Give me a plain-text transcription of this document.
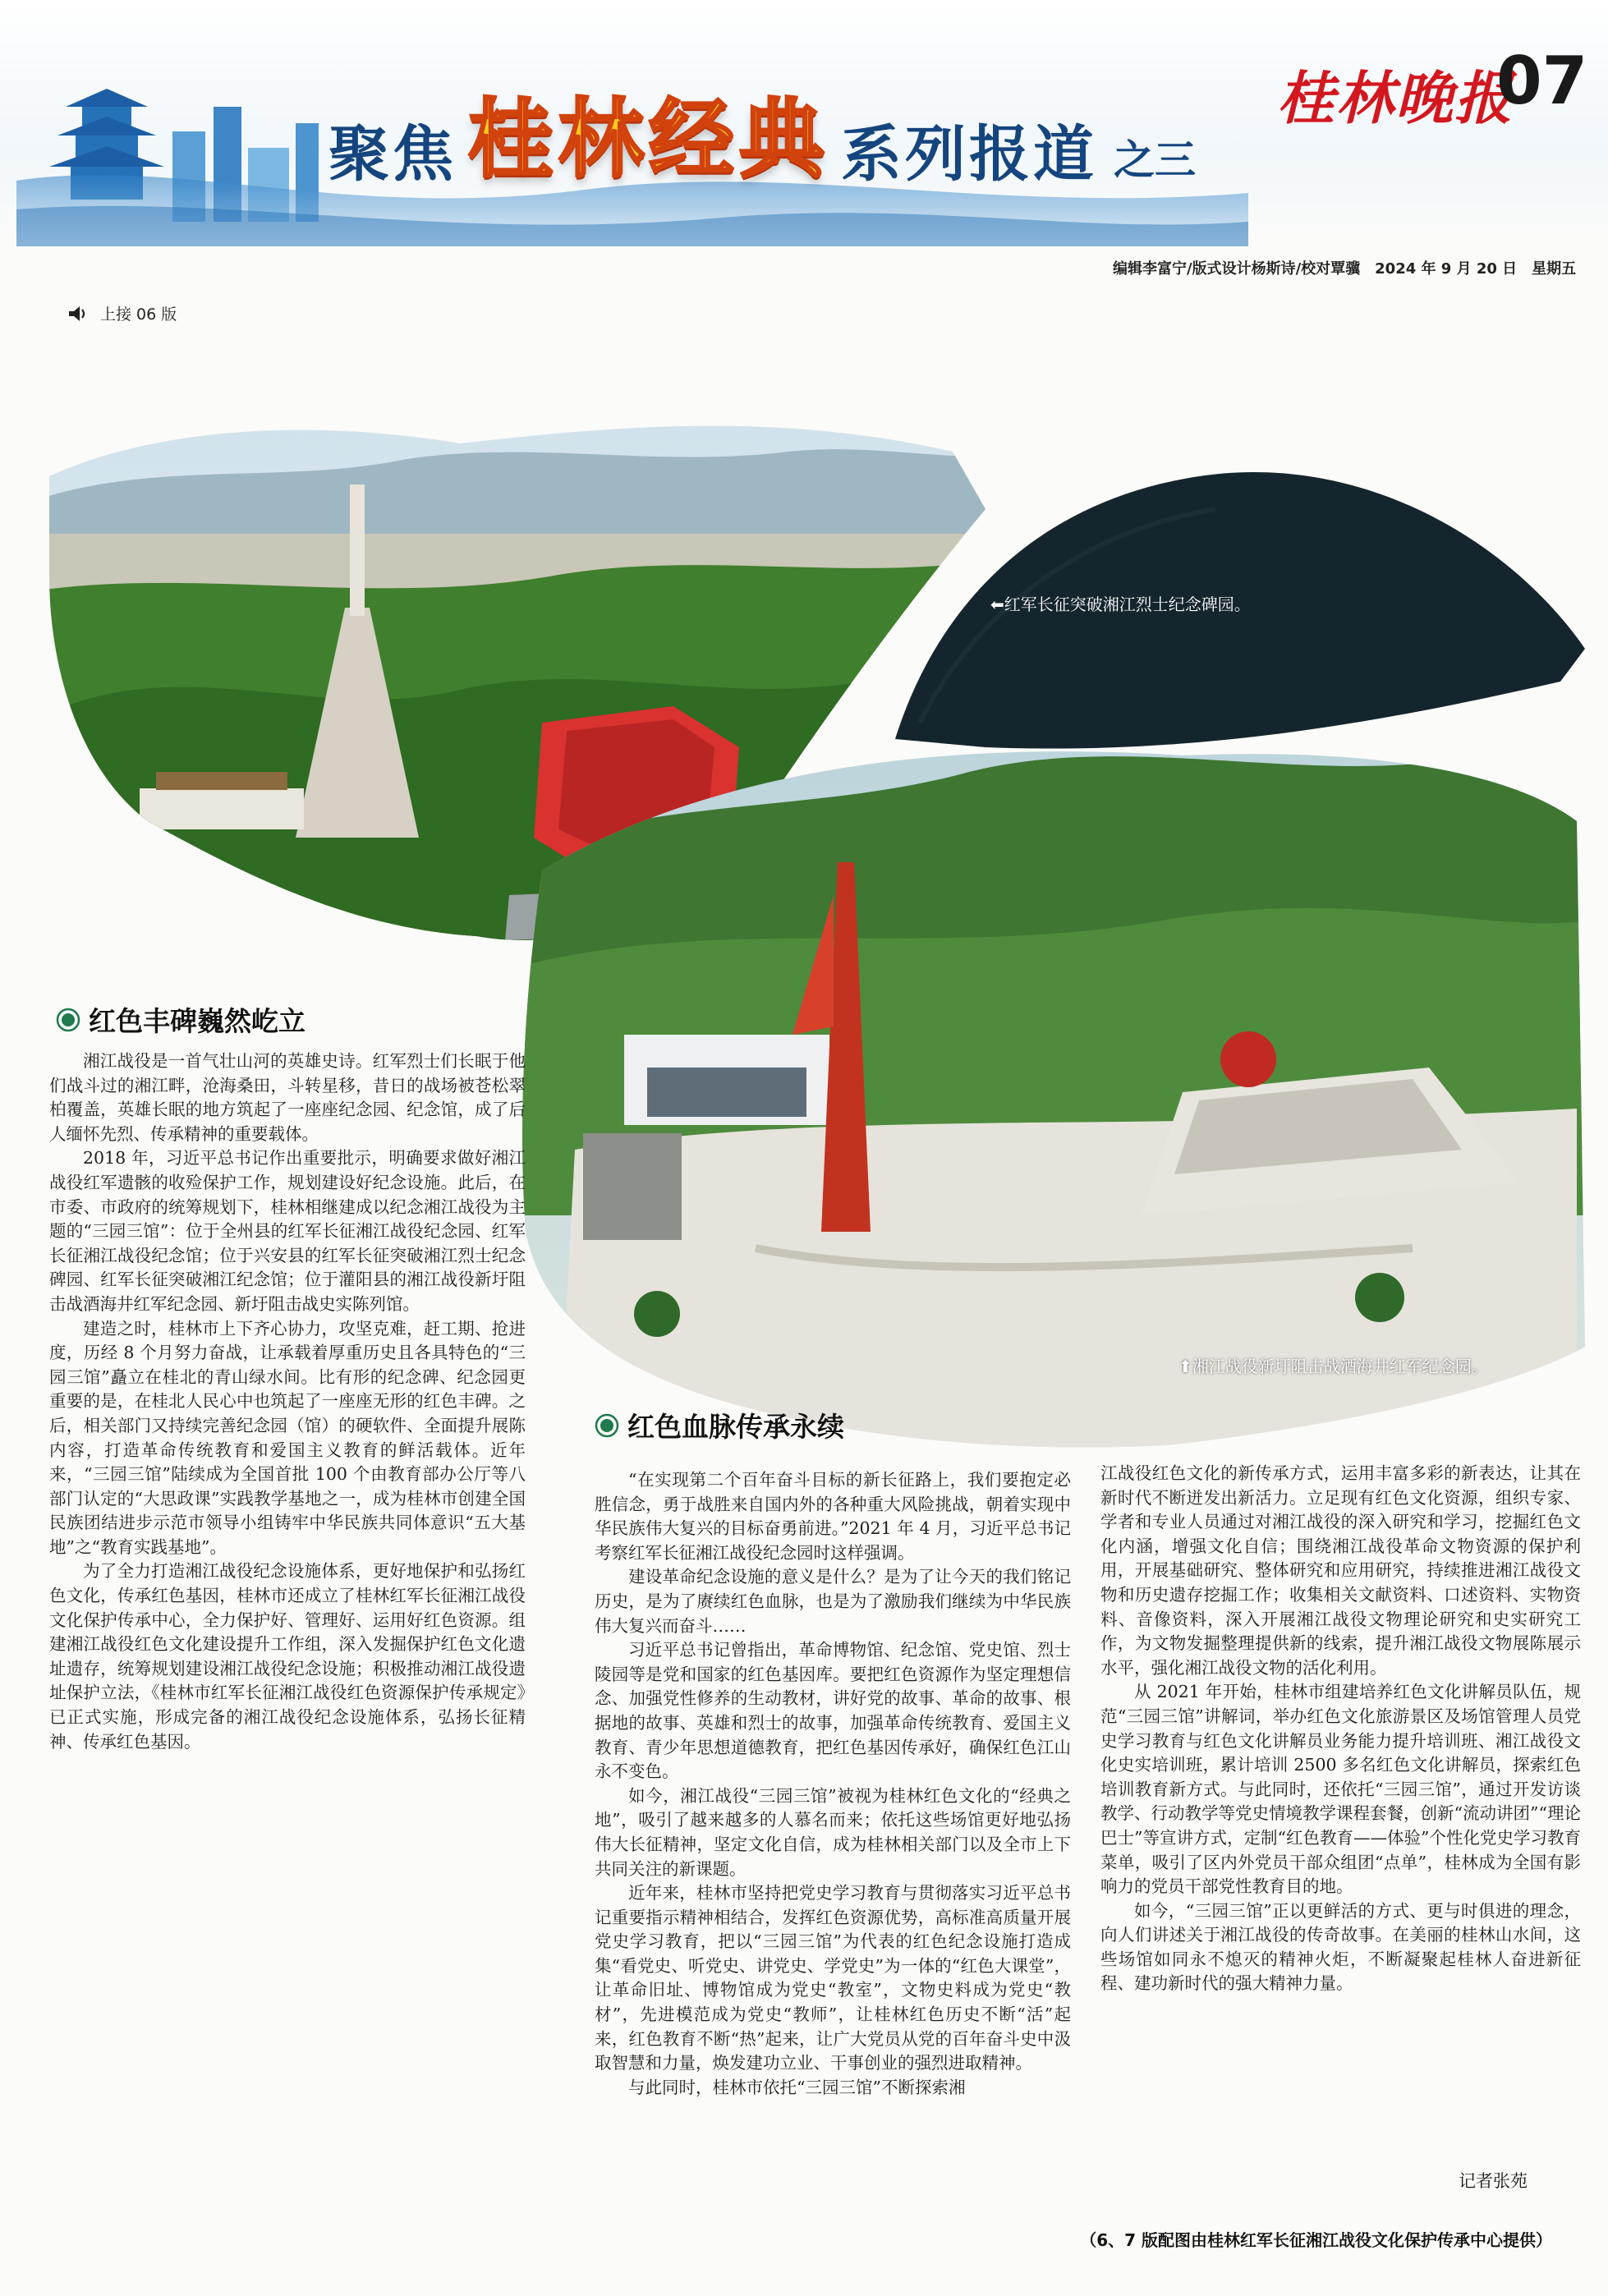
聚焦 桂林经典 系列报道 之三
桂林晚报
07
编辑李富宁/版式设计杨斯诗/校对覃骥　2024 年 9 月 20 日　星期五
上接 06 版
⬅红军长征突破湘江烈士纪念碑园。
⬆湘江战役新圩阻击战酒海井红军纪念园。
红色丰碑巍然屹立

湘江战役是一首气壮山河的英雄史诗。红军烈士们长眠于他们战斗过的湘江畔，沧海桑田，斗转星移，昔日的战场被苍松翠柏覆盖，英雄长眠的地方筑起了一座座纪念园、纪念馆，成了后人缅怀先烈、传承精神的重要载体。

2018 年，习近平总书记作出重要批示，明确要求做好湘江战役红军遗骸的收殓保护工作，规划建设好纪念设施。此后，在市委、市政府的统筹规划下，桂林相继建成以纪念湘江战役为主题的“三园三馆”：位于全州县的红军长征湘江战役纪念园、红军长征湘江战役纪念馆；位于兴安县的红军长征突破湘江烈士纪念碑园、红军长征突破湘江纪念馆；位于灌阳县的湘江战役新圩阻击战酒海井红军纪念园、新圩阻击战史实陈列馆。

建造之时，桂林市上下齐心协力，攻坚克难，赶工期、抢进度，历经 8 个月努力奋战，让承载着厚重历史且各具特色的“三园三馆”矗立在桂北的青山绿水间。比有形的纪念碑、纪念园更重要的是，在桂北人民心中也筑起了一座座无形的红色丰碑。之后，相关部门又持续完善纪念园（馆）的硬软件、全面提升展陈内容，打造革命传统教育和爱国主义教育的鲜活载体。近年来，“三园三馆”陆续成为全国首批 100 个由教育部办公厅等八部门认定的“大思政课”实践教学基地之一，成为桂林市创建全国民族团结进步示范市领导小组铸牢中华民族共同体意识“五大基地”之“教育实践基地”。

为了全力打造湘江战役纪念设施体系，更好地保护和弘扬红色文化，传承红色基因，桂林市还成立了桂林红军长征湘江战役文化保护传承中心，全力保护好、管理好、运用好红色资源。组建湘江战役红色文化建设提升工作组，深入发掘保护红色文化遗址遗存，统筹规划建设湘江战役纪念设施；积极推动湘江战役遗址保护立法，《桂林市红军长征湘江战役红色资源保护传承规定》已正式实施，形成完备的湘江战役纪念设施体系，弘扬长征精神、传承红色基因。

红色血脉传承永续

“在实现第二个百年奋斗目标的新长征路上，我们要抱定必胜信念，勇于战胜来自国内外的各种重大风险挑战，朝着实现中华民族伟大复兴的目标奋勇前进。”2021 年 4 月，习近平总书记考察红军长征湘江战役纪念园时这样强调。

建设革命纪念设施的意义是什么？是为了让今天的我们铭记历史，是为了赓续红色血脉，也是为了激励我们继续为中华民族伟大复兴而奋斗……

习近平总书记曾指出，革命博物馆、纪念馆、党史馆、烈士陵园等是党和国家的红色基因库。要把红色资源作为坚定理想信念、加强党性修养的生动教材，讲好党的故事、革命的故事、根据地的故事、英雄和烈士的故事，加强革命传统教育、爱国主义教育、青少年思想道德教育，把红色基因传承好，确保红色江山永不变色。

如今，湘江战役“三园三馆”被视为桂林红色文化的“经典之地”，吸引了越来越多的人慕名而来；依托这些场馆更好地弘扬伟大长征精神，坚定文化自信，成为桂林相关部门以及全市上下共同关注的新课题。

近年来，桂林市坚持把党史学习教育与贯彻落实习近平总书记重要指示精神相结合，发挥红色资源优势，高标准高质量开展党史学习教育，把以“三园三馆”为代表的红色纪念设施打造成集“看党史、听党史、讲党史、学党史”为一体的“红色大课堂”，让革命旧址、博物馆成为党史“教室”，文物史料成为党史“教材”，先进模范成为党史“教师”，让桂林红色历史不断“活”起来，红色教育不断“热”起来，让广大党员从党的百年奋斗史中汲取智慧和力量，焕发建功立业、干事创业的强烈进取精神。

与此同时，桂林市依托“三园三馆”不断探索湘

江战役红色文化的新传承方式，运用丰富多彩的新表达，让其在新时代不断迸发出新活力。立足现有红色文化资源，组织专家、学者和专业人员通过对湘江战役的深入研究和学习，挖掘红色文化内涵，增强文化自信；围绕湘江战役革命文物资源的保护利用，开展基础研究、整体研究和应用研究，持续推进湘江战役文物和历史遗存挖掘工作；收集相关文献资料、口述资料、实物资料、音像资料，深入开展湘江战役文物理论研究和史实研究工作，为文物发掘整理提供新的线索，提升湘江战役文物展陈展示水平，强化湘江战役文物的活化利用。

从 2021 年开始，桂林市组建培养红色文化讲解员队伍，规范“三园三馆”讲解词，举办红色文化旅游景区及场馆管理人员党史学习教育与红色文化讲解员业务能力提升培训班、湘江战役文化史实培训班，累计培训 2500 多名红色文化讲解员，探索红色培训教育新方式。与此同时，还依托“三园三馆”，通过开发访谈教学、行动教学等党史情境教学课程套餐，创新“流动讲团”“理论巴士”等宣讲方式，定制“红色教育——体验”个性化党史学习教育菜单，吸引了区内外党员干部众组团“点单”，桂林成为全国有影响力的党员干部党性教育目的地。

如今，“三园三馆”正以更鲜活的方式、更与时俱进的理念，向人们讲述关于湘江战役的传奇故事。在美丽的桂林山水间，这些场馆如同永不熄灭的精神火炬，不断凝聚起桂林人奋进新征程、建功新时代的强大精神力量。

记者张苑
（6、7 版配图由桂林红军长征湘江战役文化保护传承中心提供）
